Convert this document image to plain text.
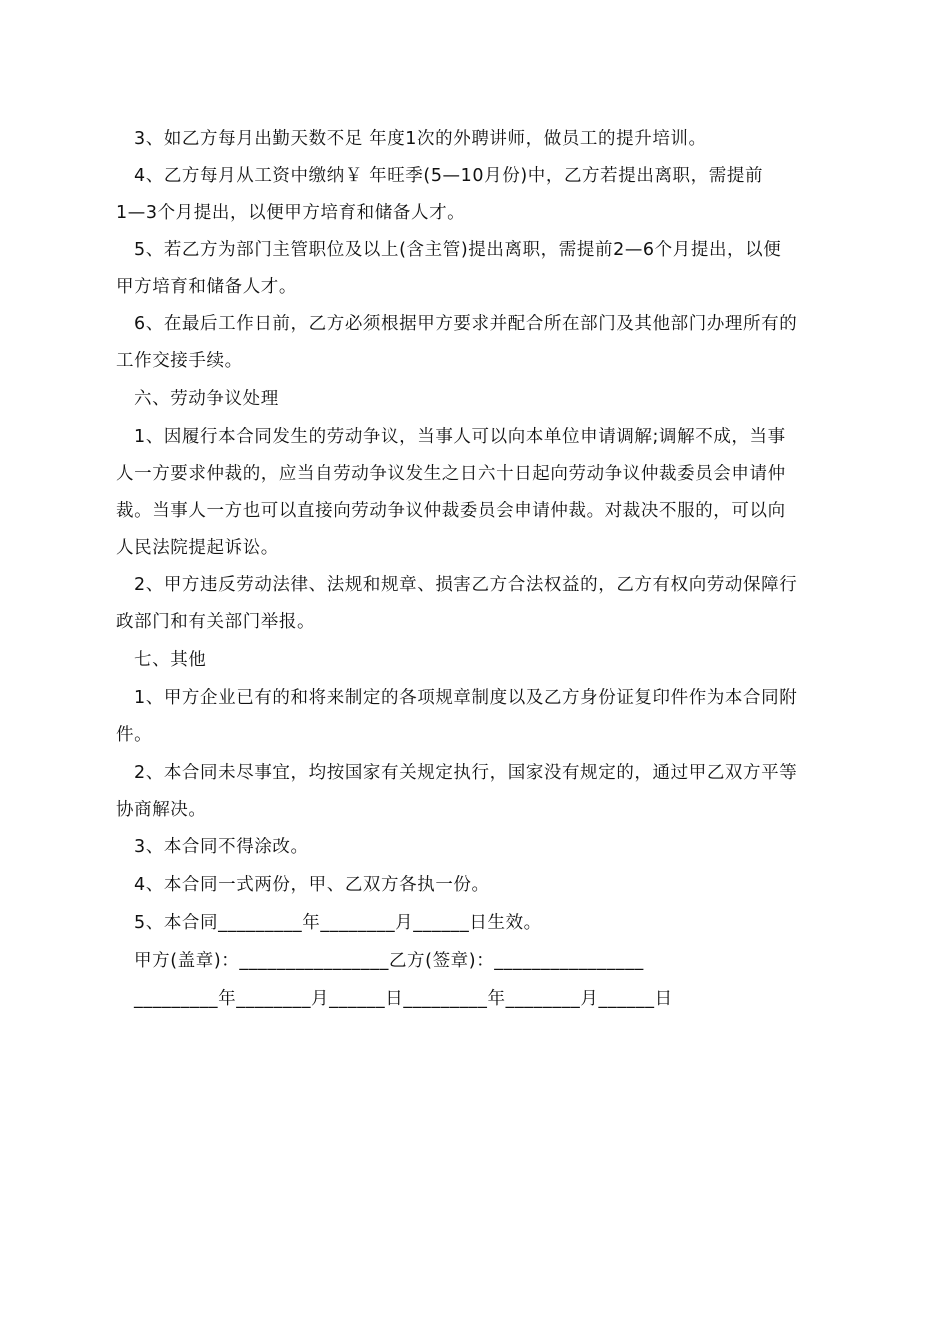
3、如乙方每月出勤天数不足 年度1次的外聘讲师，做员工的提升培训。
4、乙方每月从工资中缴纳￥ 年旺季(5—10月份)中，乙方若提出离职，需提前
1—3个月提出，以便甲方培育和储备人才。
5、若乙方为部门主管职位及以上(含主管)提出离职，需提前2—6个月提出，以便
甲方培育和储备人才。
6、在最后工作日前，乙方必须根据甲方要求并配合所在部门及其他部门办理所有的
工作交接手续。
六、劳动争议处理
1、因履行本合同发生的劳动争议，当事人可以向本单位申请调解;调解不成，当事
人一方要求仲裁的，应当自劳动争议发生之日六十日起向劳动争议仲裁委员会申请仲
裁。当事人一方也可以直接向劳动争议仲裁委员会申请仲裁。对裁决不服的，可以向
人民法院提起诉讼。
2、甲方违反劳动法律、法规和规章、损害乙方合法权益的，乙方有权向劳动保障行
政部门和有关部门举报。
七、其他
1、甲方企业已有的和将来制定的各项规章制度以及乙方身份证复印件作为本合同附
件。
2、本合同未尽事宜，均按国家有关规定执行，国家没有规定的，通过甲乙双方平等
协商解决。
3、本合同不得涂改。
4、本合同一式两份，甲、乙双方各执一份。
5、本合同_________年________月______日生效。
甲方(盖章)：________________乙方(签章)：________________
_________年________月______日_________年________月______日
